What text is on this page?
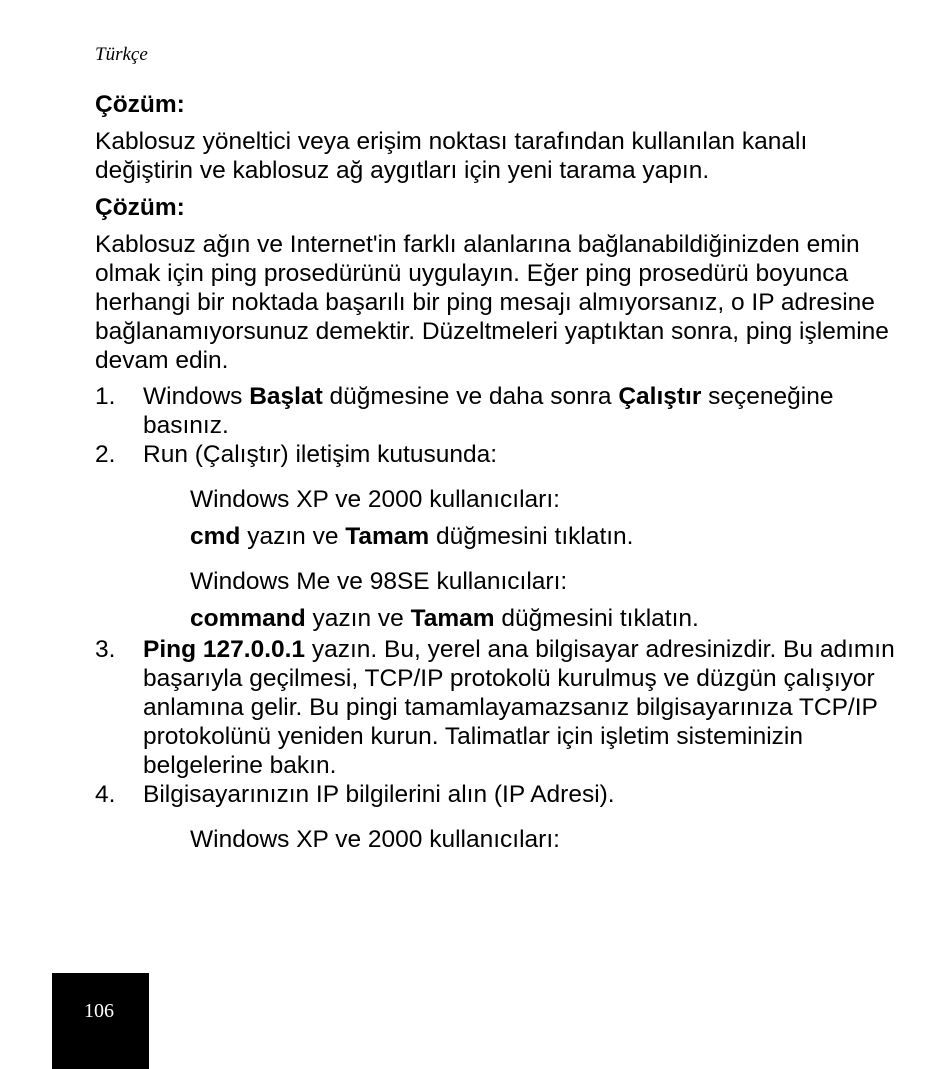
Türkçe
Çözüm:
Kablosuz yöneltici veya erişim noktası tarafından kullanılan kanalı değiştirin ve kablosuz ağ aygıtları için yeni tarama yapın.
Çözüm:
Kablosuz ağın ve Internet'in farklı alanlarına bağlanabildiğinizden emin olmak için ping prosedürünü uygulayın. Eğer ping prosedürü boyunca herhangi bir noktada başarılı bir ping mesajı almıyorsanız, o IP adresine bağlanamıyorsunuz demektir. Düzeltmeleri yaptıktan sonra, ping işlemine devam edin.
1. Windows Başlat düğmesine ve daha sonra Çalıştır seçeneğine basınız.
2. Run (Çalıştır) iletişim kutusunda:
Windows XP ve 2000 kullanıcıları:
cmd yazın ve Tamam düğmesini tıklatın.
Windows Me ve 98SE kullanıcıları:
command yazın ve Tamam düğmesini tıklatın.
3. Ping 127.0.0.1 yazın. Bu, yerel ana bilgisayar adresinizdir. Bu adımın başarıyla geçilmesi, TCP/IP protokolü kurulmuş ve düzgün çalışıyor anlamına gelir. Bu pingi tamamlayamazsanız bilgisayarınıza TCP/IP protokolünü yeniden kurun. Talimatlar için işletim sisteminizin belgelerine bakın.
4. Bilgisayarınızın IP bilgilerini alın (IP Adresi).
Windows XP ve 2000 kullanıcıları:
106
